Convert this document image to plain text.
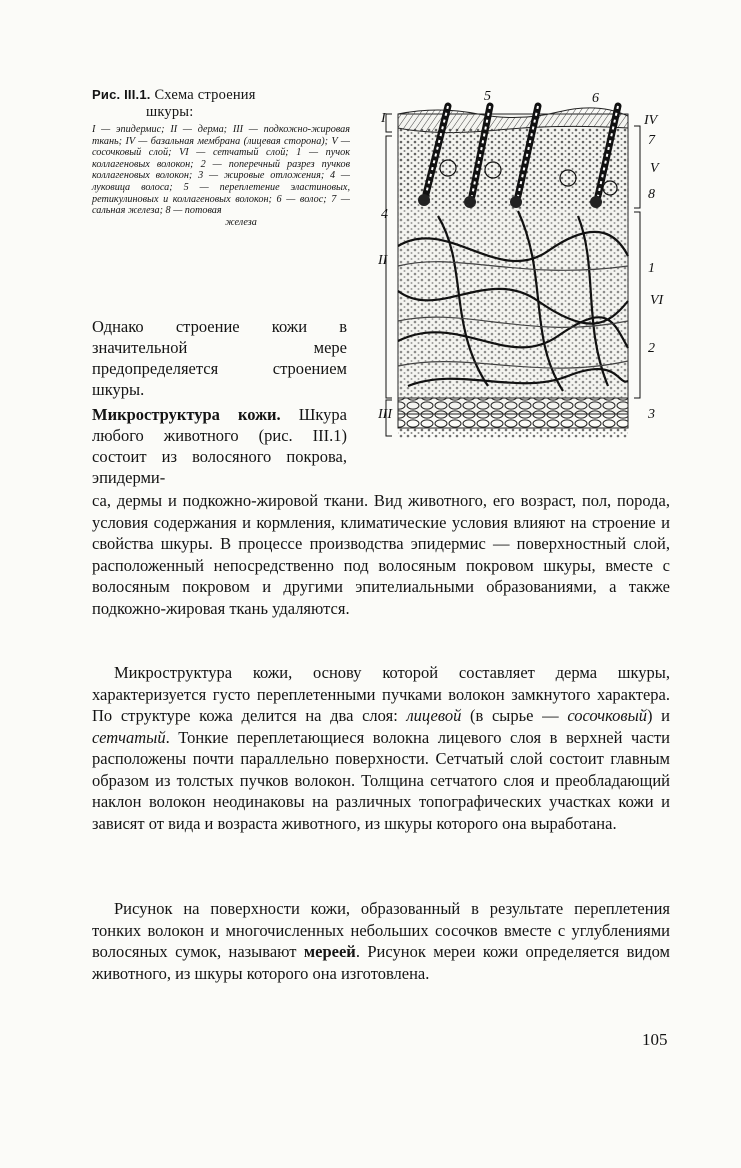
Рис. III.1. Схема строения
шкуры:
I — эпидермис; II — дерма; III — подкожно-жировая ткань; IV — базальная мембрана (лицевая сторона); V — сосочковый слой; VI — сетчатый слой; 1 — пучок коллагеновых волокон; 2 — поперечный разрез пучков коллагеновых волокон; 3 — жировые отложения; 4 — луковица волоса; 5 — переплетение эластиновых, ретикулиновых и коллагеновых волокон; 6 — волос; 7 — сальная железа; 8 — потовая
железа
I
4
II
III
5	6
IV
7
V
8
1
VI
2
3
Однако строение кожи в значительной мере предопределяется строением шкуры.
Микроструктура кожи. Шкура любого животного (рис. III.1) состоит из волосяного покрова, эпидерми-

са, дермы и подкожно-жировой ткани. Вид животного, его возраст, пол, порода, условия содержания и кормления, климатические условия влияют на строение и свойства шкуры. В процессе производства эпидермис — поверхностный слой, расположенный непосредственно под волосяным покровом шкуры, вместе с волосяным покровом и другими эпителиальными образованиями, а также подкожно-жировая ткань удаляются.

Микроструктура кожи, основу которой составляет дерма шкуры, характеризуется густо переплетенными пучками волокон замкнутого характера. По структуре кожа делится на два слоя: лицевой (в сырье — сосочковый) и сетчатый. Тонкие переплетающиеся волокна лицевого слоя в верхней части расположены почти параллельно поверхности. Сетчатый слой состоит главным образом из толстых пучков волокон. Толщина сетчатого слоя и преобладающий наклон волокон неодинаковы на различных топографических участках кожи и зависят от вида и возраста животного, из шкуры которого она выработана.

Рисунок на поверхности кожи, образованный в результате переплетения тонких волокон и многочисленных небольших сосочков вместе с углублениями волосяных сумок, называют мереей. Рисунок мереи кожи определяется видом животного, из шкуры которого она изготовлена.

105
